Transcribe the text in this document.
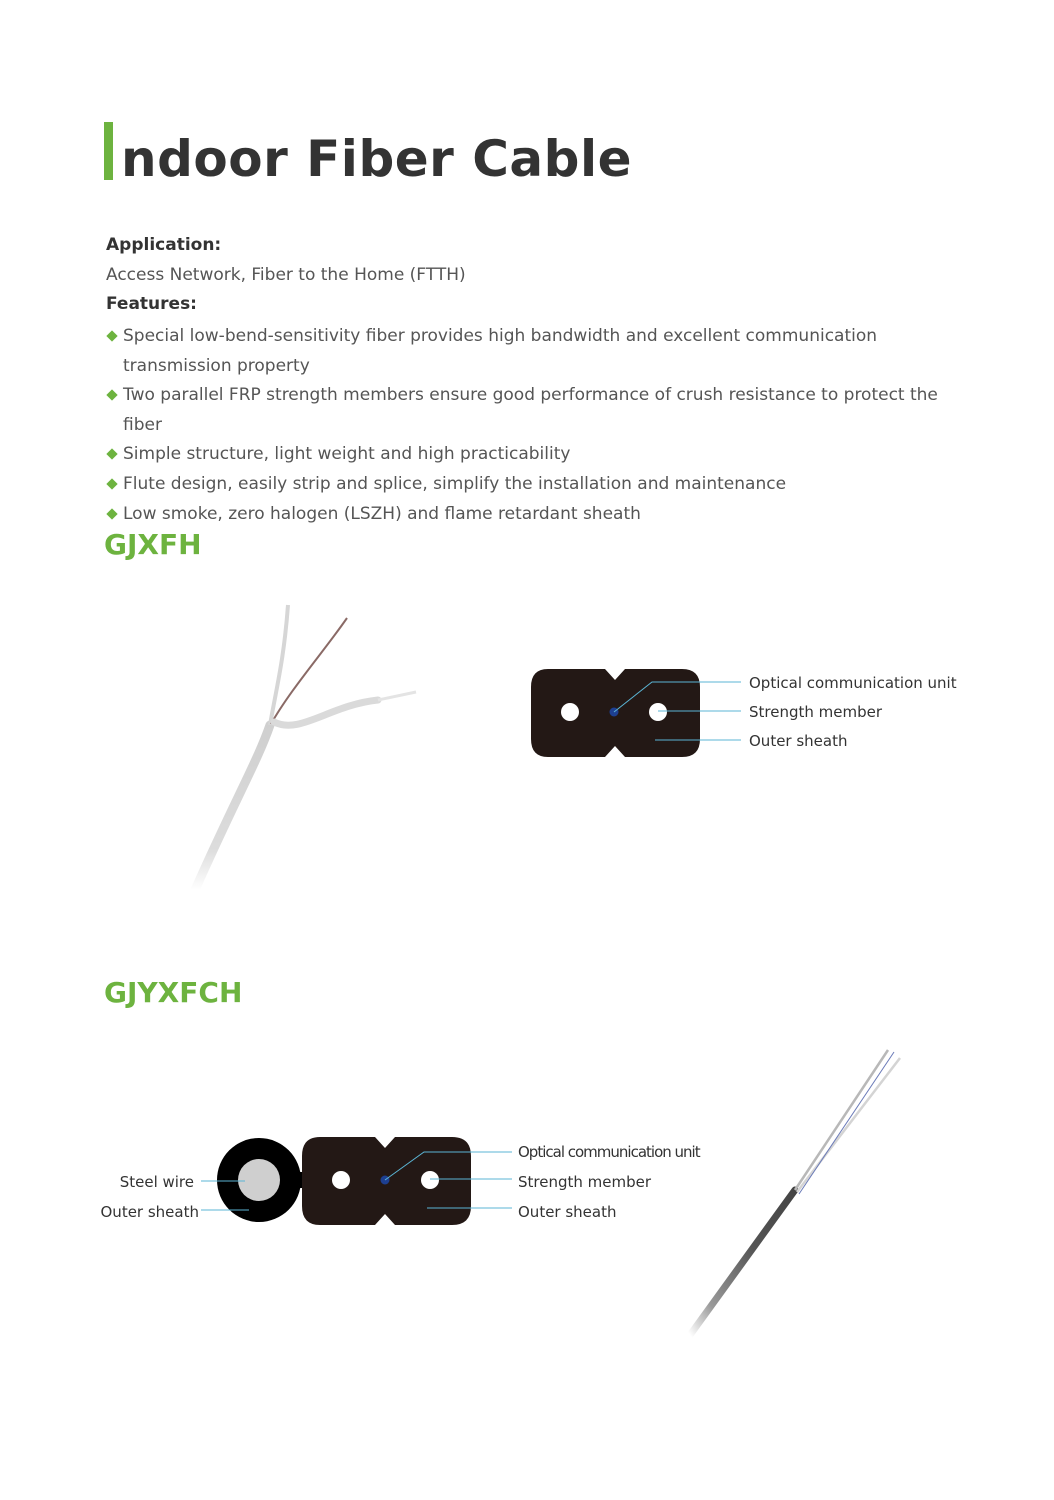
ndoor Fiber Cable
Application:
Access Network, Fiber to the Home (FTTH)
Features:
Special low-bend-sensitivity fiber provides high bandwidth and excellent communication transmission property
Two parallel FRP strength members ensure good performance of crush resistance to protect the fiber
Simple structure, light weight and high practicability
Flute design, easily strip and splice, simplify the installation and maintenance
Low smoke, zero halogen (LSZH) and flame retardant sheath
GJXFH
GJYXFCH
Optical communication unit
Strength member
Outer sheath
Optical communication unit
Strength member
Outer sheath
Steel wire
Outer sheath
